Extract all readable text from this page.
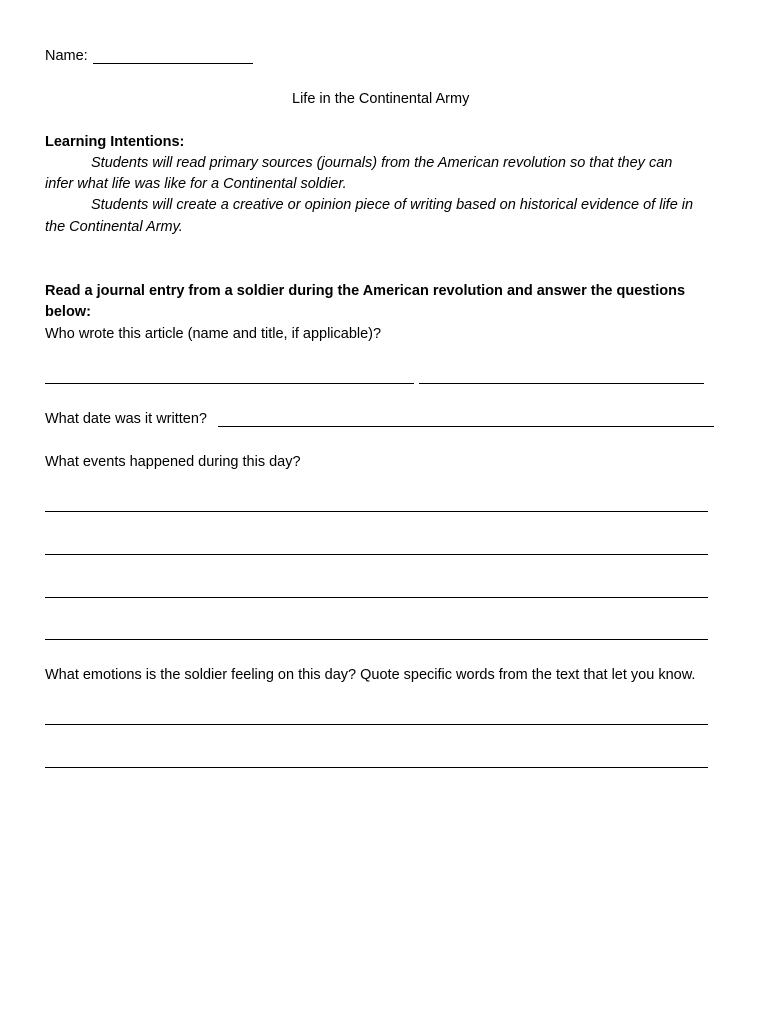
Name:
Life in the Continental Army
Learning Intentions:
Students will read primary sources (journals) from the American revolution so that they can
infer what life was like for a Continental soldier.
Students will create a creative or opinion piece of writing based on historical evidence of life in
the Continental Army.
Read a journal entry from a soldier during the American revolution and answer the questions
below:
Who wrote this article (name and title, if applicable)?
What date was it written?
What events happened during this day?
What emotions is the soldier feeling on this day? Quote specific words from the text that let you know.
